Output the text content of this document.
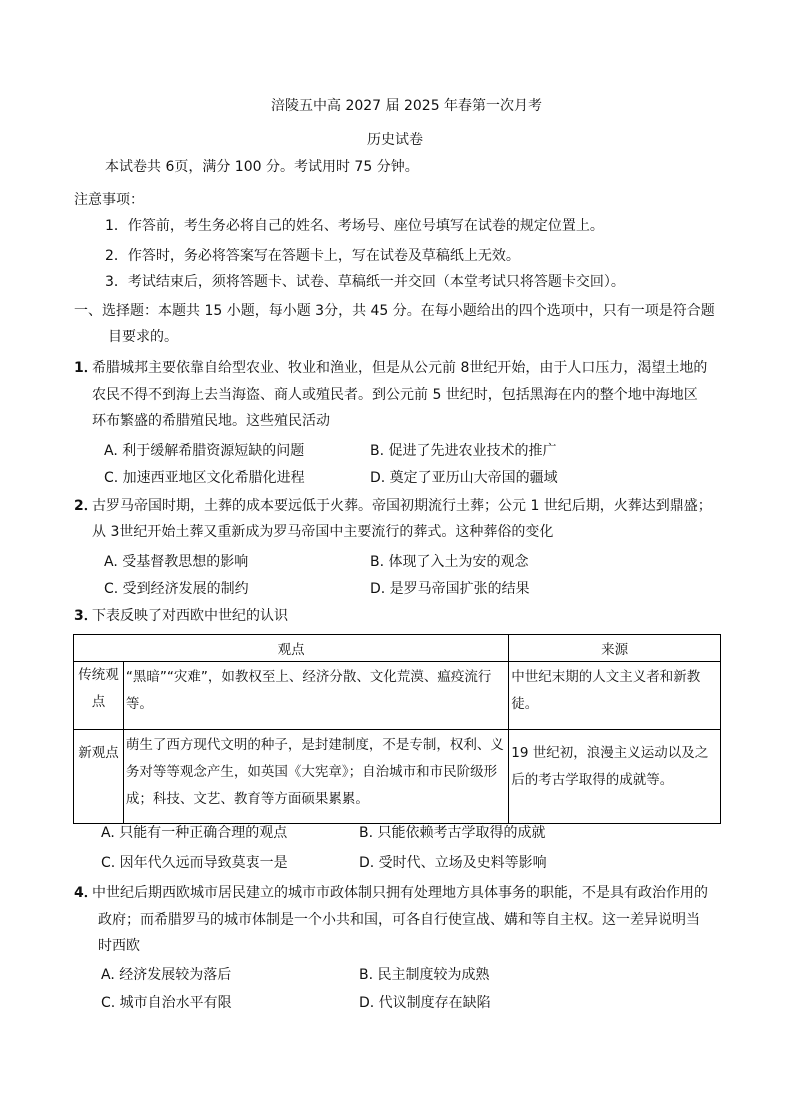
涪陵五中高 2027 届 2025 年春第一次月考
历史试卷
本试卷共 6页，满分 100 分。考试用时 75 分钟。
注意事项：
1．作答前，考生务必将自己的姓名、考场号、座位号填写在试卷的规定位置上。
2．作答时，务必将答案写在答题卡上，写在试卷及草稿纸上无效。
3．考试结束后，须将答题卡、试卷、草稿纸一并交回（本堂考试只将答题卡交回）。
一、选择题：本题共 15 小题，每小题 3分，共 45 分。在每小题给出的四个选项中，只有一项是符合题
目要求的。
1．
希腊城邦主要依靠自给型农业、牧业和渔业，但是从公元前 8世纪开始，由于人口压力，渴望土地的
农民不得不到海上去当海盗、商人或殖民者。到公元前 5 世纪时，包括黑海在内的整个地中海地区
环布繁盛的希腊殖民地。这些殖民活动
A. 利于缓解希腊资源短缺的问题	B. 促进了先进农业技术的推广
C. 加速西亚地区文化希腊化进程	D. 奠定了亚历山大帝国的疆域
2．
古罗马帝国时期，土葬的成本要远低于火葬。帝国初期流行土葬；公元 1 世纪后期，火葬达到鼎盛；
从 3世纪开始土葬又重新成为罗马帝国中主要流行的葬式。这种葬俗的变化
A. 受基督教思想的影响	B. 体现了入土为安的观念
C. 受到经济发展的制约	D. 是罗马帝国扩张的结果
3．
下表反映了对西欧中世纪的认识
观点		来源
传统观点	“黑暗”“灾难”，如教权至上、经济分散、文化荒漠、瘟疫流行等。	中世纪末期的人文主义者和新教徒。

新观点	萌生了西方现代文明的种子，是封建制度，不是专制，权利、义务对等等观念产生，如英国《大宪章》；自治城市和市民阶级形成；科技、文艺、教育等方面硕果累累。	19 世纪初，浪漫主义运动以及之后的考古学取得的成就等。
A. 只能有一种正确合理的观点	B. 只能依赖考古学取得的成就
C. 因年代久远而导致莫衷一是	D. 受时代、立场及史料等影响
4．
中世纪后期西欧城市居民建立的城市市政体制只拥有处理地方具体事务的职能，不是具有政治作用的
政府；而希腊罗马的城市体制是一个小共和国，可各自行使宣战、媾和等自主权。这一差异说明当
时西欧
A. 经济发展较为落后	B. 民主制度较为成熟
C. 城市自治水平有限	D. 代议制度存在缺陷
